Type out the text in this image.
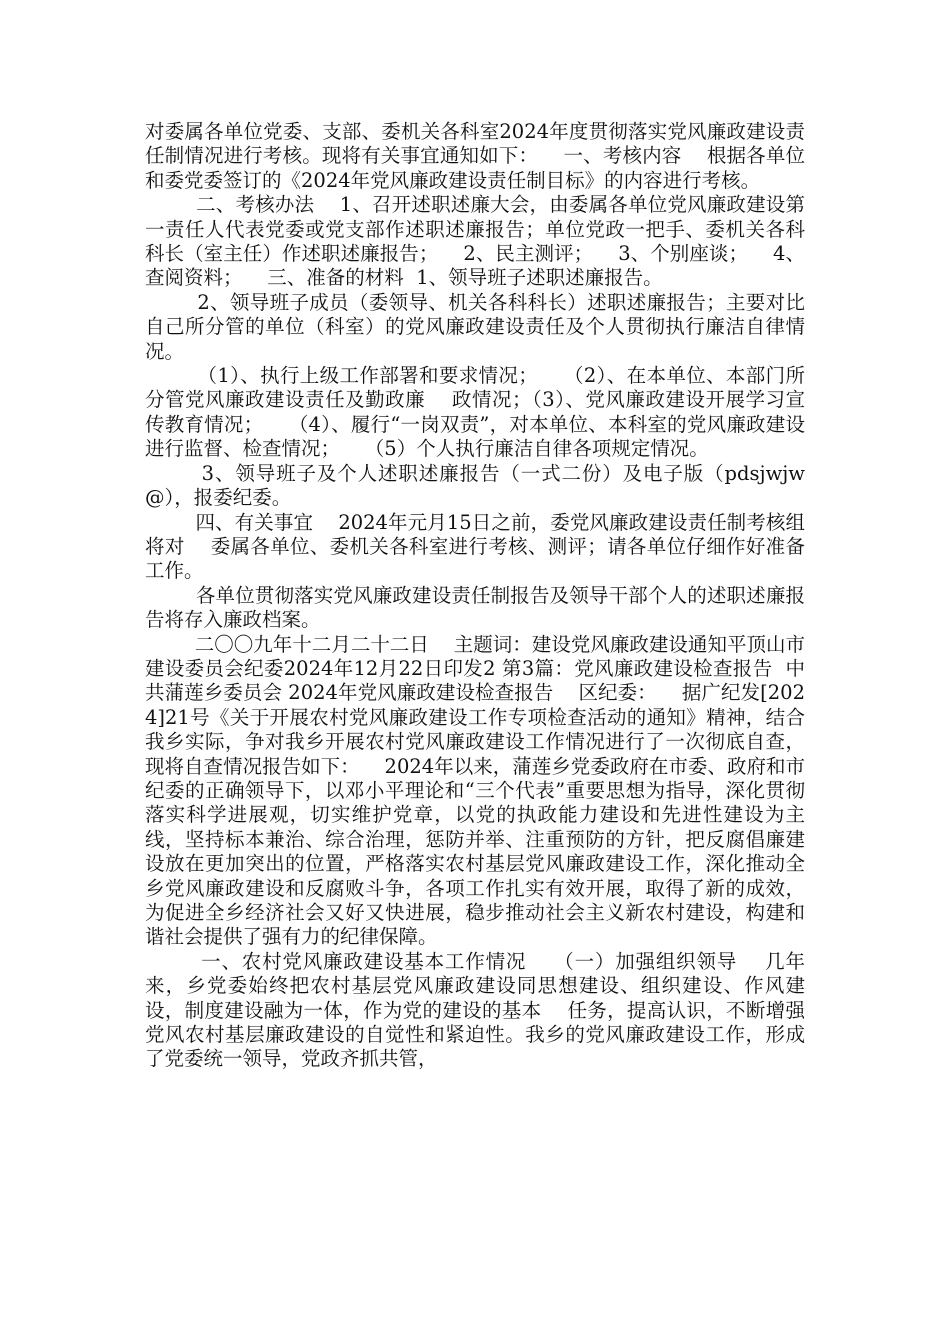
对委属各单位党委、支部、委机关各科室2024年度贯彻落实党风廉政建设责任制情况进行考核。现将有关事宜通知如下：    一、考核内容    根据各单位和委党委签订的《2024年党风廉政建设责任制目标》的内容进行考核。

二、考核办法    1、召开述职述廉大会，由委属各单位党风廉政建设第一责任人代表党委或党支部作述职述廉报告；单位党政一把手、委机关各科科长（室主任）作述职述廉报告；    2、民主测评；    3、个别座谈；    4、查阅资料；    三、准备的材料  1、领导班子述职述廉报告。

2、领导班子成员（委领导、机关各科科长）述职述廉报告；主要对比自己所分管的单位（科室）的党风廉政建设责任及个人贯彻执行廉洁自律情况。

（1）、执行上级工作部署和要求情况；    （2）、在本单位、本部门所分管党风廉政建设责任及勤政廉    政情况；（3）、党风廉政建设开展学习宣传教育情况；    （4）、履行“一岗双责”，对本单位、本科室的党风廉政建设    进行监督、检查情况；    （5）个人执行廉洁自律各项规定情况。

3、领导班子及个人述职述廉报告（一式二份）及电子版（pdsjwjw@），报委纪委。

四、有关事宜    2024年元月15日之前，委党风廉政建设责任制考核组将对    委属各单位、委机关各科室进行考核、测评；请各单位仔细作好准备工作。

各单位贯彻落实党风廉政建设责任制报告及领导干部个人的述职述廉报告将存入廉政档案。

二〇〇九年十二月二十二日    主题词：建设党风廉政建设通知平顶山市建设委员会纪委2024年12月22日印发2 第3篇：党风廉政建设检查报告  中共蒲莲乡委员会 2024年党风廉政建设检查报告    区纪委：    据广纪发[2024]21号《关于开展农村党风廉政建设工作专项检查活动的通知》精神，结合我乡实际，争对我乡开展农村党风廉政建设工作情况进行了一次彻底自查，现将自查情况报告如下：    2024年以来，蒲莲乡党委政府在市委、政府和市纪委的正确领导下，以邓小平理论和“三个代表”重要思想为指导，深化贯彻落实科学进展观，切实维护党章，以党的执政能力建设和先进性建设为主线，坚持标本兼治、综合治理，惩防并举、注重预防的方针，把反腐倡廉建设放在更加突出的位置，严格落实农村基层党风廉政建设工作，深化推动全乡党风廉政建设和反腐败斗争，各项工作扎实有效开展，取得了新的成效，为促进全乡经济社会又好又快进展，稳步推动社会主义新农村建设，构建和谐社会提供了强有力的纪律保障。

一、农村党风廉政建设基本工作情况    （一）加强组织领导    几年来，乡党委始终把农村基层党风廉政建设同思想建设、组织建设、作风建设，制度建设融为一体，作为党的建设的基本    任务，提高认识，不断增强党风农村基层廉政建设的自觉性和紧迫性。我乡的党风廉政建设工作，形成了党委统一领导，党政齐抓共管，
